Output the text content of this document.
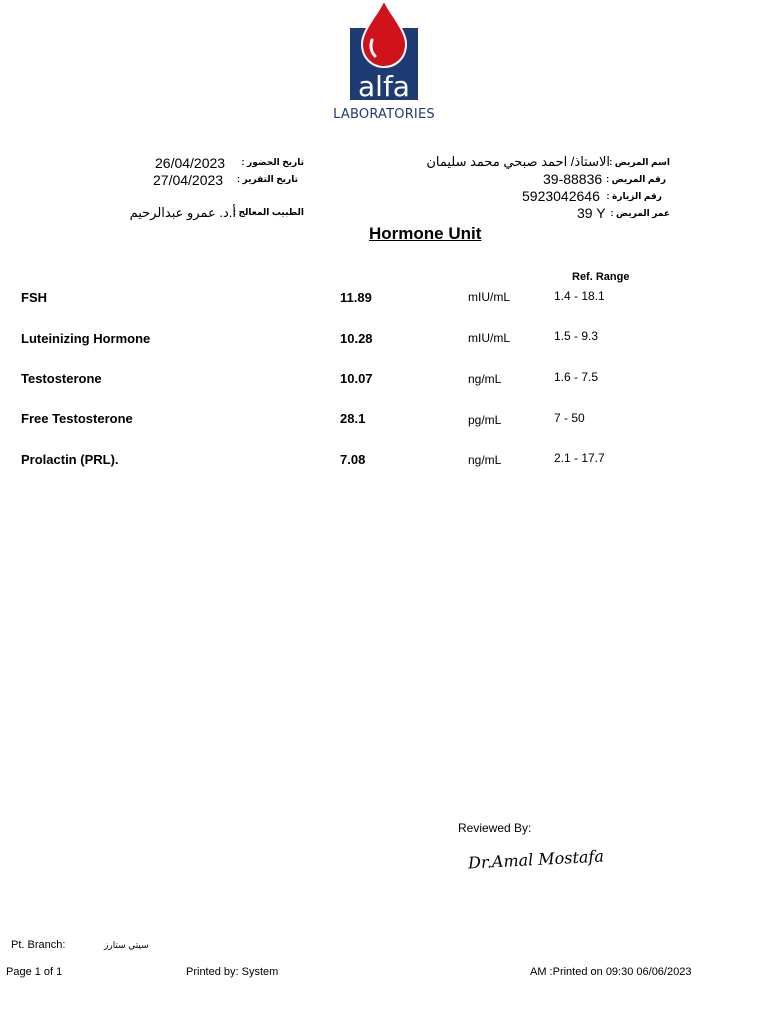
alfa
LABORATORIES
26/04/2023	تاريخ الحضور :
27/04/2023 تاريخ التقرير :
أ.د. عمرو عبدالرحيم
الطبيب المعالج :
الاستاذ/ احمد صبحي محمد سليمان اسم المريض :
39-88836 رقم المريض :
5923042646 رقم الزيارة :
39 Y عمر المريض :
Hormone Unit
Ref. Range
FSH	11.89	mIU/mL	1.4 - 18.1
Luteinizing Hormone	10.28	mIU/mL	1.5 - 9.3
Testosterone	10.07	ng/mL	1.6 - 7.5
Free Testosterone	28.1	pg/mL	7 - 50
Prolactin (PRL).	7.08	ng/mL	2.1 - 17.7
Reviewed By:
Dr.Amal Mostafa
Pt. Branch:	سيتي ستارز
Page 1 of 1	Printed by: System	AM :Printed on 09:30 06/06/2023
